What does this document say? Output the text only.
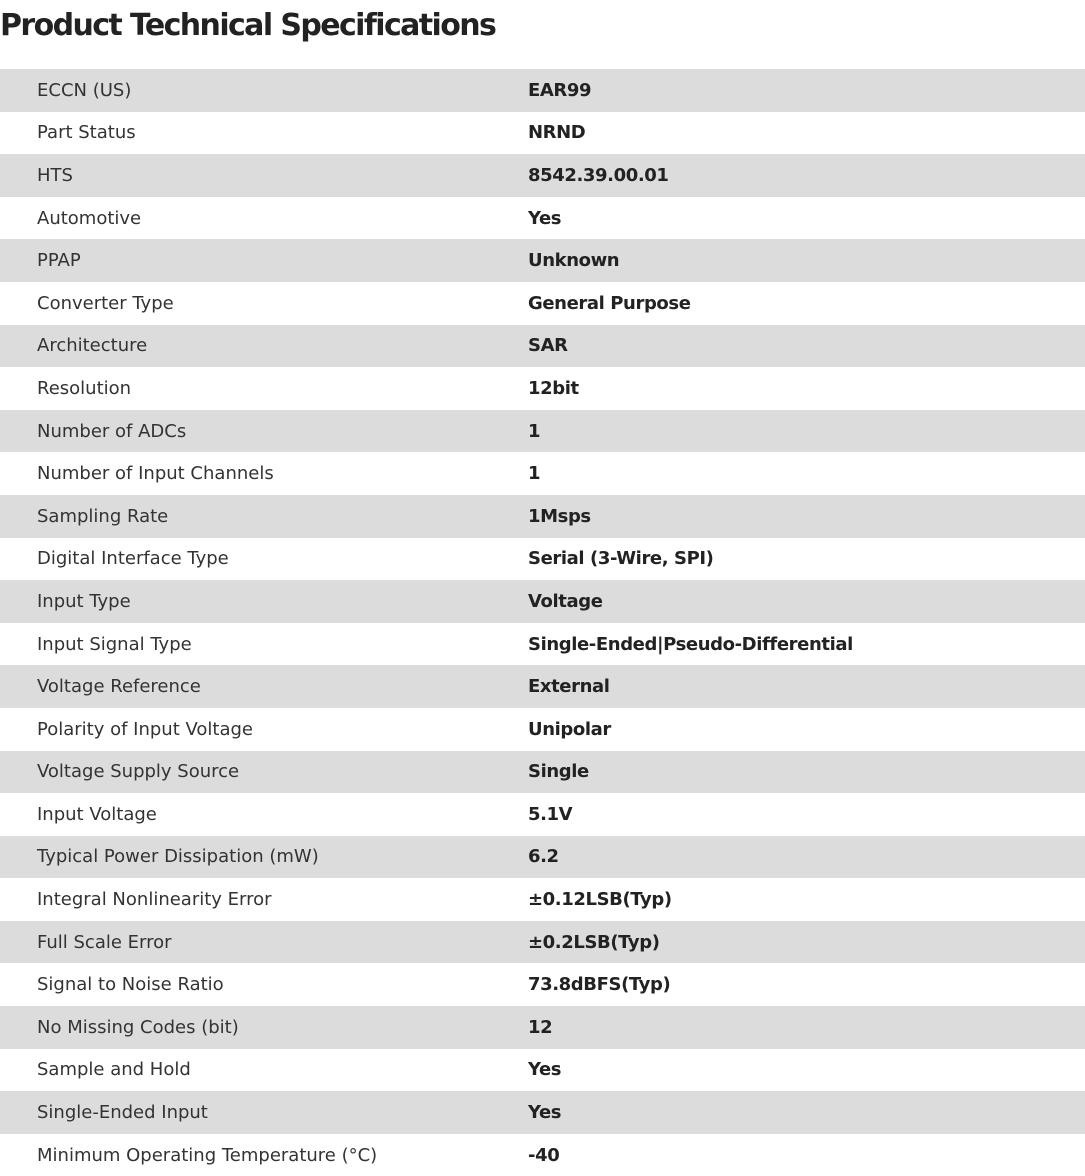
Product Technical Specifications
ECCN (US)	EAR99
Part Status	NRND
HTS	8542.39.00.01
Automotive	Yes
PPAP	Unknown
Converter Type	General Purpose
Architecture	SAR
Resolution	12bit
Number of ADCs	1
Number of Input Channels	1
Sampling Rate	1Msps
Digital Interface Type	Serial (3-Wire, SPI)
Input Type	Voltage
Input Signal Type	Single-Ended|Pseudo-Differential
Voltage Reference	External
Polarity of Input Voltage	Unipolar
Voltage Supply Source	Single
Input Voltage	5.1V
Typical Power Dissipation (mW)	6.2
Integral Nonlinearity Error	±0.12LSB(Typ)
Full Scale Error	±0.2LSB(Typ)
Signal to Noise Ratio	73.8dBFS(Typ)
No Missing Codes (bit)	12
Sample and Hold	Yes
Single-Ended Input	Yes
Minimum Operating Temperature (°C)	-40
